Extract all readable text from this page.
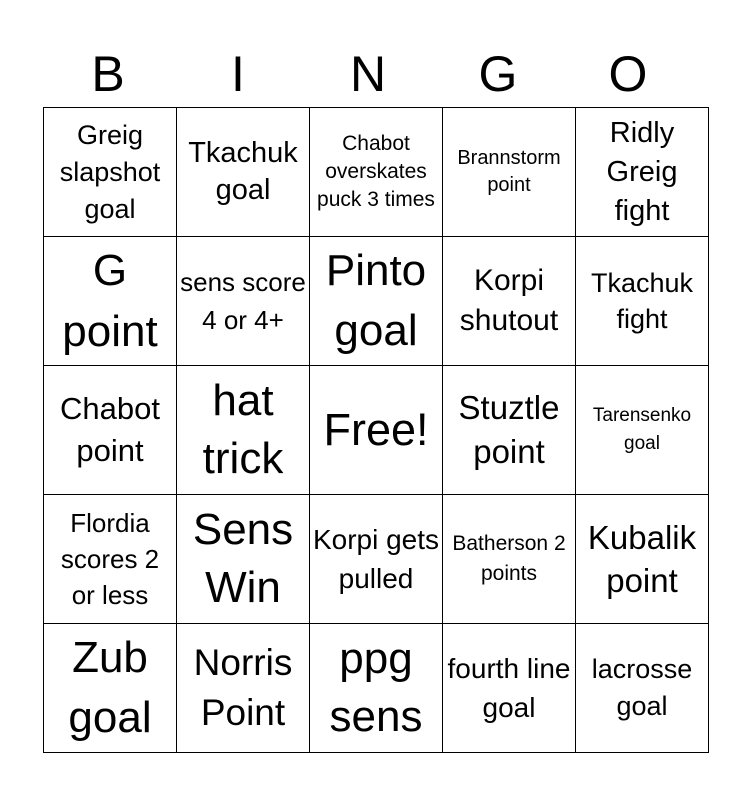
B	I	N	G	O
Greig slapshot goal	Tkachuk goal	Chabot overskates puck 3 times	Brannstorm point	Ridly Greig fight

G point	sens score 4 or 4+	Pinto goal	Korpi shutout	Tkachuk fight

Chabot point	hat trick	Free!	Stuztle point	Tarensenko goal

Flordia scores 2 or less	Sens Win	Korpi gets pulled	Batherson 2 points	Kubalik point

Zub goal	Norris Point	ppg sens	fourth line goal	lacrosse goal
